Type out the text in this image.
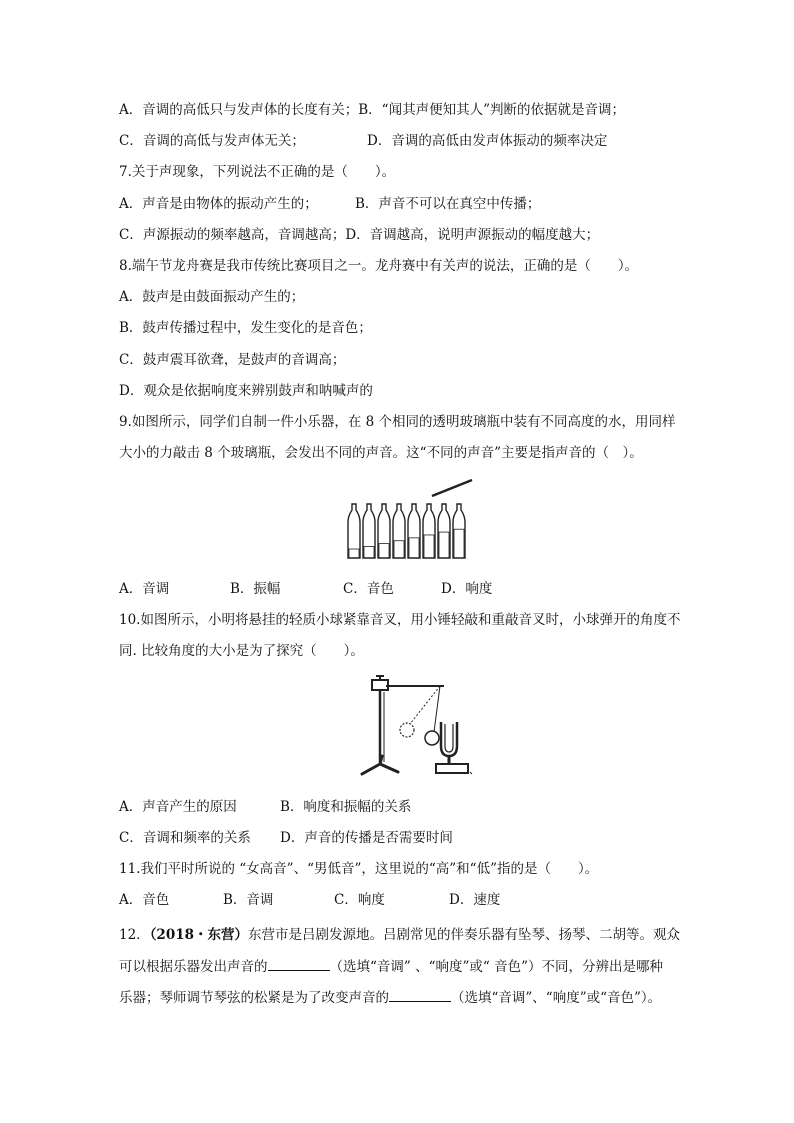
A．音调的高低只与发声体的长度有关；B．“闻其声便知其人”判断的依据就是音调；
C．音调的高低与发声体无关；	D．音调的高低由发声体振动的频率决定
7.关于声现象，下列说法不正确的是（　　）。
A．声音是由物体的振动产生的；	B．声音不可以在真空中传播；
C．声源振动的频率越高，音调越高；D．音调越高，说明声源振动的幅度越大；
8.端午节龙舟赛是我市传统比赛项目之一。龙舟赛中有关声的说法，正确的是（　　）。
A．鼓声是由鼓面振动产生的；
B．鼓声传播过程中，发生变化的是音色；
C．鼓声震耳欲聋，是鼓声的音调高；
D．观众是依据响度来辨别鼓声和呐喊声的
9.如图所示，同学们自制一件小乐器，在 8 个相同的透明玻璃瓶中装有不同高度的水，用同样
大小的力敲击 8 个玻璃瓶，会发出不同的声音。这“不同的声音”主要是指声音的（　）。
A．音调	B．振幅	C．音色	D．响度
10.如图所示，小明将悬挂的轻质小球紧靠音叉，用小锤轻敲和重敲音叉时，小球弹开的角度不
同. 比较角度的大小是为了探究（　　）。
A．声音产生的原因	B．响度和振幅的关系
C．音调和频率的关系 D．声音的传播是否需要时间
11.我们平时所说的 “女高音”、“男低音”，这里说的“高”和“低”指的是（　　）。
A．音色	B．音调	C．响度	D．速度
12．（2018・东营）东营市是吕剧发源地。吕剧常见的伴奏乐器有坠琴、扬琴、二胡等。观众
可以根据乐器发出声音的	（选填“音调” 、“响度”或“ 音色”）不同，分辨出是哪种
乐器；琴师调节琴弦的松紧是为了改变声音的	（选填“音调”、“响度”或“音色”）。
